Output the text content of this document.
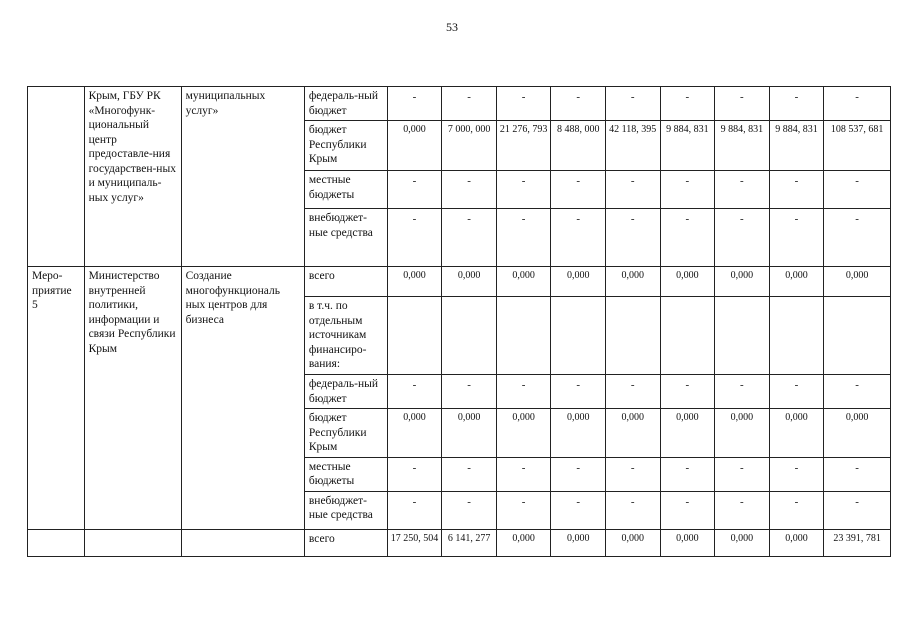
53
	Крым, ГБУ РК «Многофунк-циональный центр предоставле-ния государствен-ных и муниципаль-ных услуг»	муниципальных услуг»	федераль-ный бюджет	-	-	-	-	-	-	-	-	-
			бюджет Республики Крым	0,000	7 000, 000	21 276, 793	8 488, 000	42 118, 395	9 884, 831	9 884, 831	9 884, 831	108 537, 681
			местные бюджеты	-	-	-	-	-	-	-	-	-
			внебюджет-ные средства	-	-	-	-	-	-	-	-	-
Меро-приятие 5	Министерство внутренней политики, информации и связи Республики Крым	Создание многофункциональ ных центров для бизнеса	всего	0,000	0,000	0,000	0,000	0,000	0,000	0,000	0,000	0,000
			в т.ч. по отдельным источникам финансиро-вания:									
			федераль-ный бюджет	-	-	-	-	-	-	-	-	-
			бюджет Республики Крым	0,000	0,000	0,000	0,000	0,000	0,000	0,000	0,000	0,000
			местные бюджеты	-	-	-	-	-	-	-	-	-
			внебюджет-ные средства	-	-	-	-	-	-	-	-	-
			всего	17 250, 504	6 141, 277	0,000	0,000	0,000	0,000	0,000	0,000	23 391, 781
